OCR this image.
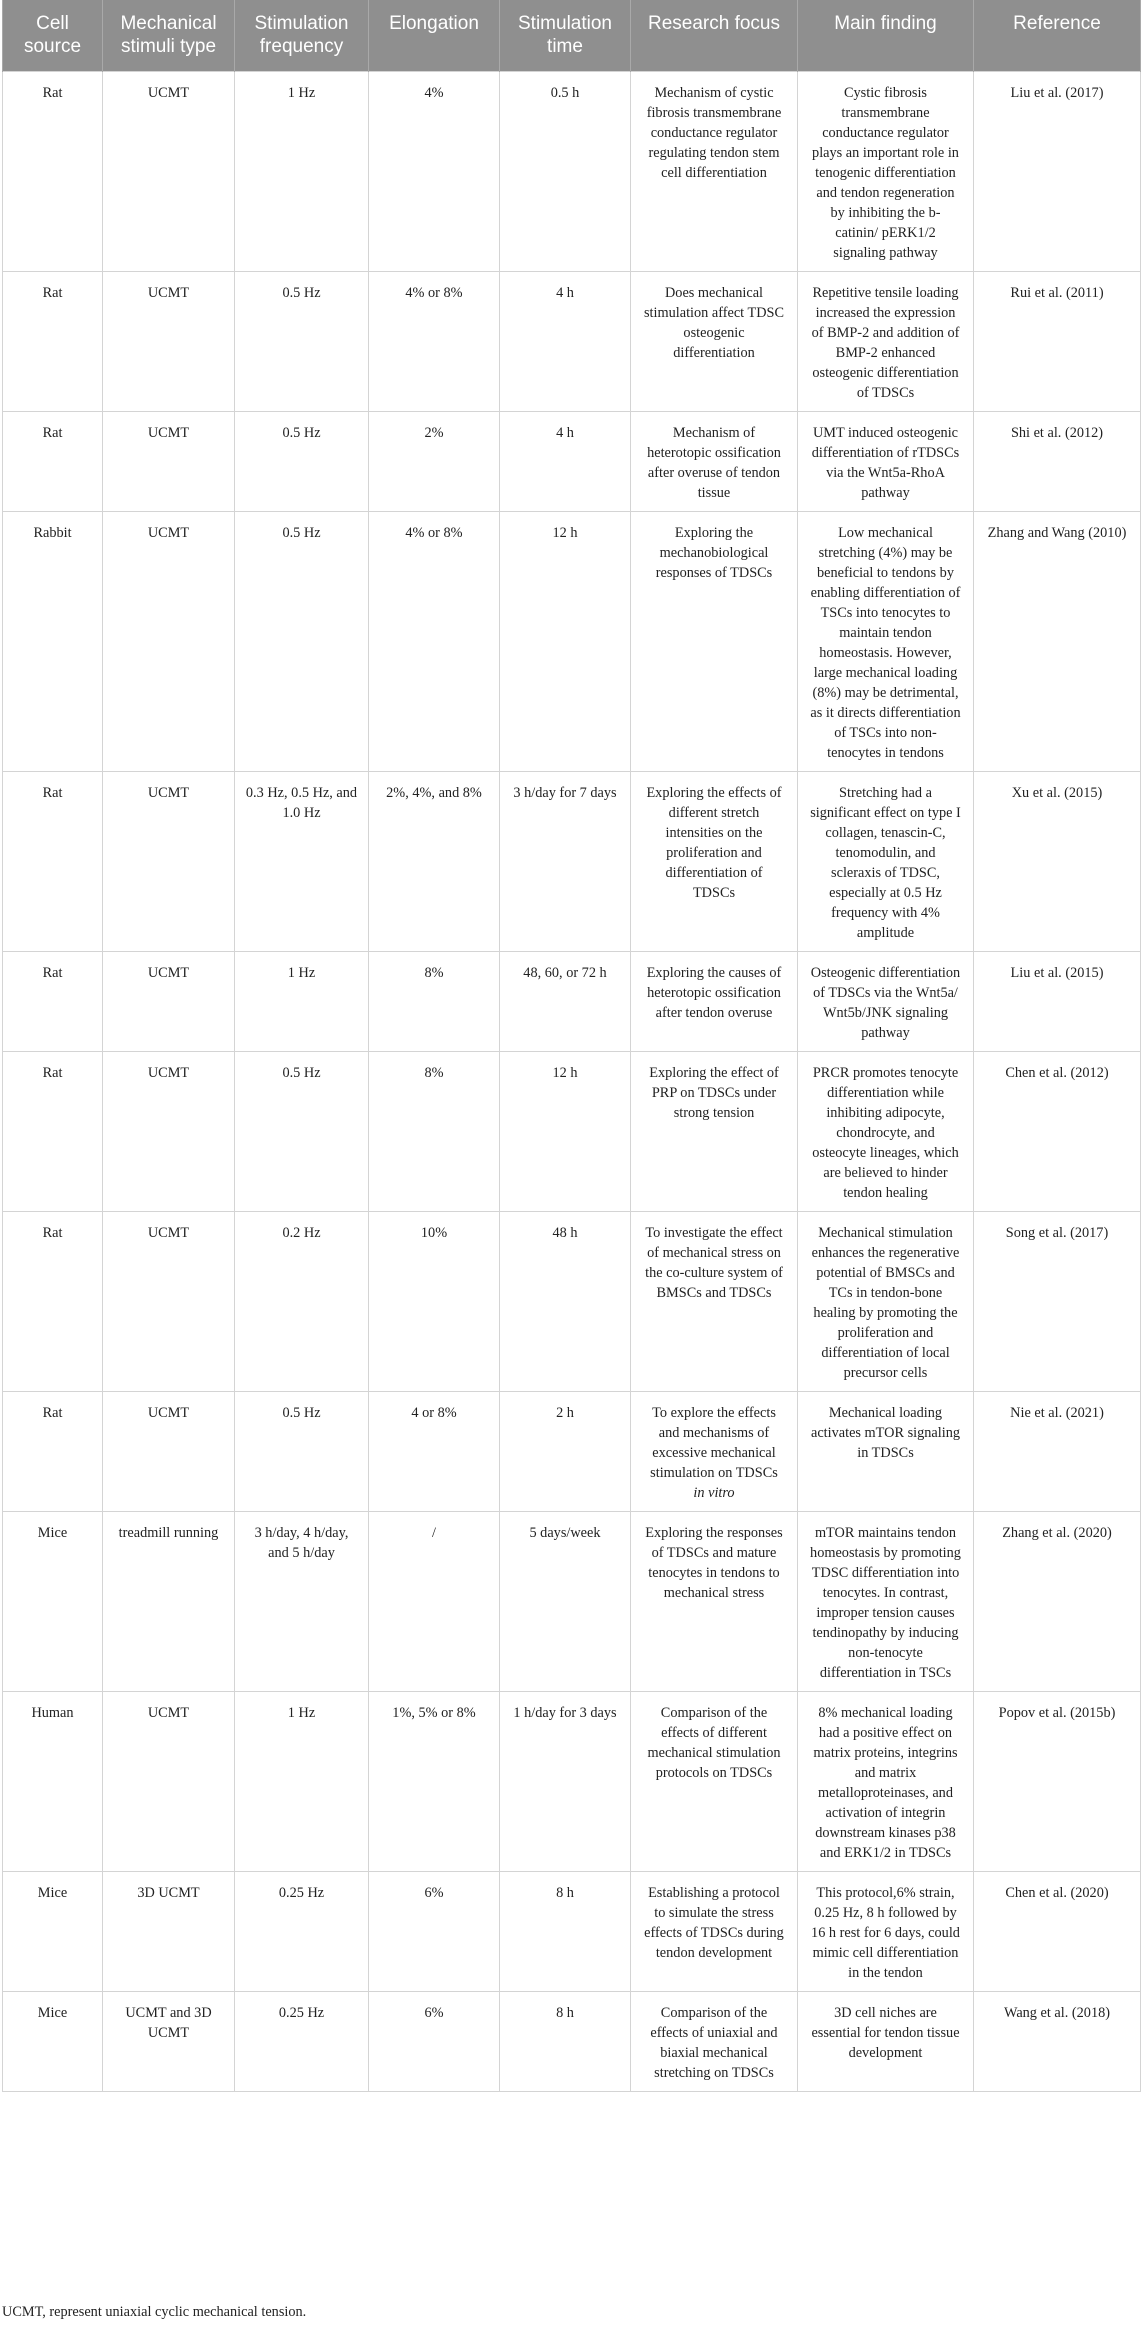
Cell source	Mechanical stimuli type	Stimulation frequency	Elongation	Stimulation time	Research focus	Main finding	Reference
Rat	UCMT	1 Hz	4%	0.5 h	Mechanism of cystic fibrosis transmembrane conductance regulator regulating tendon stem cell differentiation	Cystic fibrosis transmembrane conductance regulator plays an important role in tenogenic differentiation and tendon regeneration by inhibiting the b-catinin/ pERK1/2 signaling pathway	Liu et al. (2017)
Rat	UCMT	0.5 Hz	4% or 8%	4 h	Does mechanical stimulation affect TDSC osteogenic differentiation	Repetitive tensile loading increased the expression of BMP-2 and addition of BMP-2 enhanced osteogenic differentiation of TDSCs	Rui et al. (2011)
Rat	UCMT	0.5 Hz	2%	4 h	Mechanism of heterotopic ossification after overuse of tendon tissue	UMT induced osteogenic differentiation of rTDSCs via the Wnt5a-RhoA pathway	Shi et al. (2012)
Rabbit	UCMT	0.5 Hz	4% or 8%	12 h	Exploring the mechanobiological responses of TDSCs	Low mechanical stretching (4%) may be beneficial to tendons by enabling differentiation of TSCs into tenocytes to maintain tendon homeostasis. However, large mechanical loading (8%) may be detrimental, as it directs differentiation of TSCs into non-tenocytes in tendons	Zhang and Wang (2010)
Rat	UCMT	0.3 Hz, 0.5 Hz, and 1.0 Hz	2%, 4%, and 8%	3 h/day for 7 days	Exploring the effects of different stretch intensities on the proliferation and differentiation of TDSCs	Stretching had a significant effect on type I collagen, tenascin-C, tenomodulin, and scleraxis of TDSC, especially at 0.5 Hz frequency with 4% amplitude	Xu et al. (2015)
Rat	UCMT	1 Hz	8%	48, 60, or 72 h	Exploring the causes of heterotopic ossification after tendon overuse	Osteogenic differentiation of TDSCs via the Wnt5a/ Wnt5b/JNK signaling pathway	Liu et al. (2015)
Rat	UCMT	0.5 Hz	8%	12 h	Exploring the effect of PRP on TDSCs under strong tension	PRCR promotes tenocyte differentiation while inhibiting adipocyte, chondrocyte, and osteocyte lineages, which are believed to hinder tendon healing	Chen et al. (2012)
Rat	UCMT	0.2 Hz	10%	48 h	To investigate the effect of mechanical stress on the co-culture system of BMSCs and TDSCs	Mechanical stimulation enhances the regenerative potential of BMSCs and TCs in tendon-bone healing by promoting the proliferation and differentiation of local precursor cells	Song et al. (2017)
Rat	UCMT	0.5 Hz	4 or 8%	2 h	To explore the effects and mechanisms of excessive mechanical stimulation on TDSCs in vitro	Mechanical loading activates mTOR signaling in TDSCs	Nie et al. (2021)
Mice	treadmill running	3 h/day, 4 h/day, and 5 h/day	/	5 days/week	Exploring the responses of TDSCs and mature tenocytes in tendons to mechanical stress	mTOR maintains tendon homeostasis by promoting TDSC differentiation into tenocytes. In contrast, improper tension causes tendinopathy by inducing non-tenocyte differentiation in TSCs	Zhang et al. (2020)
Human	UCMT	1 Hz	1%, 5% or 8%	1 h/day for 3 days	Comparison of the effects of different mechanical stimulation protocols on TDSCs	8% mechanical loading had a positive effect on matrix proteins, integrins and matrix metalloproteinases, and activation of integrin downstream kinases p38 and ERK1/2 in TDSCs	Popov et al. (2015b)
Mice	3D UCMT	0.25 Hz	6%	8 h	Establishing a protocol to simulate the stress effects of TDSCs during tendon development	This protocol,6% strain, 0.25 Hz, 8 h followed by 16 h rest for 6 days, could mimic cell differentiation in the tendon	Chen et al. (2020)
Mice	UCMT and 3D UCMT	0.25 Hz	6%	8 h	Comparison of the effects of uniaxial and biaxial mechanical stretching on TDSCs	3D cell niches are essential for tendon tissue development	Wang et al. (2018)
UCMT, represent uniaxial cyclic mechanical tension.
